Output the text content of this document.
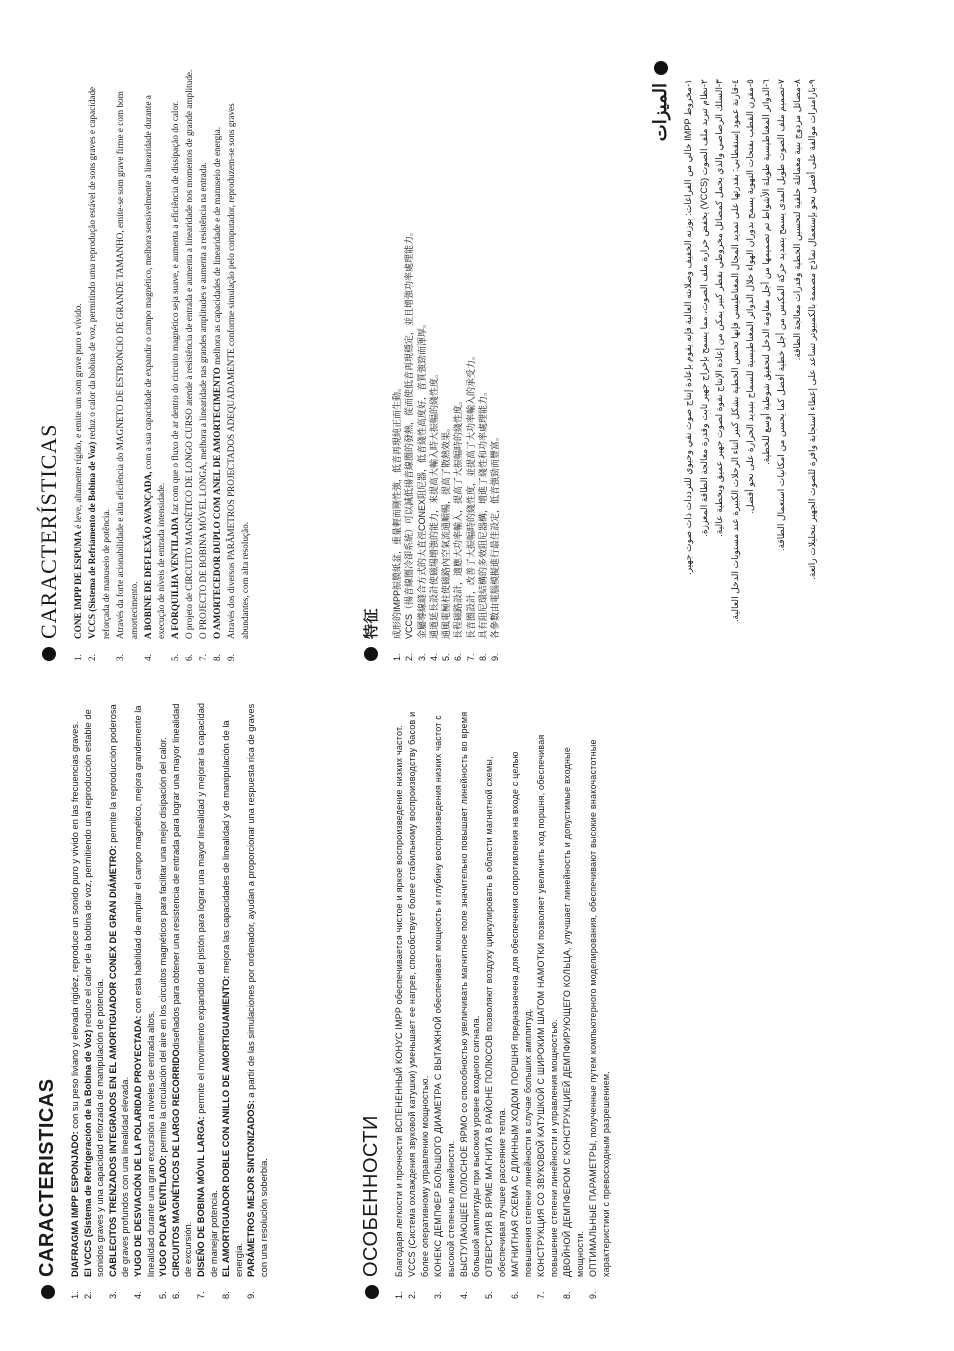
CARACTERISTICAS
1.
DIAFRAGMA IMPP ESPONJADO: con su peso liviano y elevada rigidez, reproduce un sonido puro y vívido en las frecuencias graves.
2.
El VCCS (Sistema de Refrigeración de la Bobina de Voz) reduce el calor de la bobina de voz, permitiendo una reproducción estable de sonidos graves y una capacidad reforzada de manipulación de potencia.
3.
CABLECITOS TRENZADOS INTEGRADOS EN EL AMORTIGUADOR CONEX DE GRAN DIÁMETRO: permite la reproducción poderosa de graves profundos con una linealidad elevada.
4.
YUGO DE DESVIACIÓN DE LA POLARIDAD PROYECTADA: con esta habilidad de ampliar el campo magnético, mejora grandemente la linealidad durante una gran excursión a niveles de entrada altos.
5.
YUGO POLAR VENTILADO: permite la circulación del aire en los circuitos magnéticos para facilitar una mejor disipación del calor.
6.
CIRCUITOS MAGNÉTICOS DE LARGO RECORRIDOdiseñados para obtener una resistencia de entrada para lograr una mayor linealidad de excursión.
7.
DISEÑO DE BOBINA MÓVIL LARGA: permite el movimiento expandido del pistón para lograr una mayor linealidad y mejorar la capacidad de manejar potencia.
8.
EL AMORTIGUADOR DOBLE CON ANILLO DE AMORTIGUAMIENTO: mejora las capacidades de linealidad y de manipulación de la energía.
9.
PARÁMETROS MEJOR SINTONIZADOS: a partir de las simulaciones por ordenador, ayudan a proporcionar una respuesta rica de graves con una resolución soberbia.
CARACTERÍSTICAS
1.
CONE IMPP DE ESPUMA é leve, altamente rígido, e emite um som grave puro e vívido.
2.
VCCS (Sistema de Refriamento de Bobina de Voz) reduz o calor da bobina de voz, permitindo uma reprodução estável de sons graves e capacidade reforçada de manuseio de potência.
3.
Através da forte acionabilidade e alta eficiência do MAGNETO DE ESTRONCIO DE GRANDE TAMANHO, emite-se som grave firme e com bom amortecimento.
4.
A BOBINE DE DEFLEXÃO AVANÇADA, com a sua capacidade de expandir o campo magnético, melhora sensivelmente a linearidade durante a execução de níveis de entrada intensidade.
5.
A FORQUILHA VENTILADA faz com que o fluxo de ar dentro do circuito magnético seja suave, e aumenta a eficiência de dissipação do calor.
6.
O projeto de CIRCUITO MAGNÉTICO DE LONGO CURSO atende à resistência de entrada e aumenta a linearidade nos momentos de grande amplitude.
7.
O PROJECTO DE BOBINA MÓVEL LONGA, melhora a linearidade nas grandes amplitudes e aumenta a resistência na entrada.
8.
O AMORTECEDOR DUPLO COM ANEL DE AMORTECIMENTO melhora as capacidades de linearidade e de manuseio de energia.
9.
Através dos diversos PARÂMETROS PROJECTADOS ADEQUADAMENTE conforme simulação pelo computador, reproduzem-se sons graves abundantes, com alta resolução.
ОСОБЕННОСТИ
1.
Благодаря легкости и прочности ВСПЕНЕННЫЙ КОНУС IMPP обеспечивается чистое и яркое воспроизведение низких частот.
2.
VCCS (Система охлаждения звуковой катушки) уменьшает ее нагрев, способствует более стабильному воспроизводству басов и более оперативному управлению мощностью.
3.
КОНЕКС ДЕМПФЕР БОЛЬШОГО ДИАМЕТРА С ВЫТАЖНОЙ обеспечивает мощность и глубину воспроизведения низких частот с высокой степенью линейности.
4.
ВЫСТУПАЮЩЕЕ ПОЛОСНОЕ ЯРМО со способностью увеличивать магнитное поле значительно повышает линейность во время большой амплитуды при высоком уровне входного сигнала.
5.
ОТВЕРСТИЯ В ЯРМЕ МАГНИТА В РАЙОНЕ ПОЛЮСОВ позволяют воздуху циркулировать в области магнитной схемы, обеспечивая лучшее рассеяние тепла.
6.
МАГНИТНАЯ СХЕМА С ДЛИННЫМ ХОДОМ ПОРШНЯ предназначена для обеспечения сопротивления на входе с целью повышения степени линейности в случае больших амплитуд.
7.
КОНСТРУКЦИЯ СО ЗВУКОВОЙ КАТУШКОЙ С ШИРОКИМ ШАГОМ НАМОТКИ позволяет увеличить ход поршня, обеспечивая повышение степени линейности и управления мощностью.
8.
ДВОЙНОЙ ДЕМПФЕРОМ С КОНСТРУКЦИЕЙ ДЕМПФИРУЮЩЕГО КОЛЬЦА, улучшает линейность и допустимые входные мощности.
9.
ОПТИМАЛЬНЫЕ ПАРАМЕТРЫ, полученные путем компьютерного моделирования, обеспечивают высокие внакочастотные характеристики с превосходным разрешением.
特征
1.
成形的IMPP振膜紙盆，重量輕而剛性強，低音再現純正而生動。
2.
VCCS（揚音線圈冷卻系統）可以減低揚音線圈的發熱，從而使低音再現穩定，並且增強功率處理能力。
3.
金屬導線縫合方式的大直徑CONEX阻尼器，低音綫性高度好，音質強勁而渾厚。
4.
通過延長設計使磁場增強的能力，來提高大輸入時大振幅的綫性度。
5.
通風電極柱使磁路內空氣流通順暢，提高了散熱效果。
6.
長程磁路設計，適應大功率輸入，提高了大振幅時的綫性度。
7.
長音圈設計，改善了大振幅時的綫性度，並提高了大功率輸入的承受力。
8.
具有阻尼環結構的多效阻尼器構，增進了綫性和功率處理能力。
9.
各參數由電腦模擬進行最佳設定，低音強勁而豐富。
الميزات ١-
مخروط IMPP خالي من الفراغات: بوزنه الخفيف وصلابته العالية فإنه يقوم بإعادة إنتاج صوت نقي وحيوي للترددات ذات صوت جهير.
٢-
نظام تبريد ملف الصوت (VCCS) يخفض حرارة ملف الصوت، مما يسمح بإخراج جهير ثابت وقدرة معالجة الطاقة المعززة.
٣-
السلك الرصاصي والذي يحمل كمضائل مخروطي بقطر كبير يمكن من إعادة الإنتاج بقوة لصوت جهير عميق وبخطية عالية.
٤-
قارنة عمود إستقطابي: بقدرتها على تمديد المجال المغناطيسي فإنها تحسن الخطية بشكل كبير أثناء الرحلات الكبيرة عند مستويات الدخل العالية.
٥-
مقرن القطب بفتحات التهوية يسمح بدوران الهواء خلال الدوائر المغناطيسية للسماح بتبديد الحرارة على نحو أفضل.
٦-
الدوائر المغناطيسية طويلة الأشواط تم تصميمها من أجل مقاومة الدخل لتحقيق شوطية أوسع للخطية.
٧-
تصميم ملف الصوت طويل المدى يسمح بتمديد حركة المكبس من أجل خطية أفضل كما يحسن من امكانيات استعمال الطاقة.
٨-
مضائل مزدوج بنية معماثلة حلقية لتحسين الخطية وقدرات معالجة الطاقة.
٩-
بارامترات موالفة على أفضل نحو بإستعمال نماذج مصممة بالكمبيوتر تساعد على إعطاء استجابة وافرة للصوت الجهير بتحليلات رائعة.
